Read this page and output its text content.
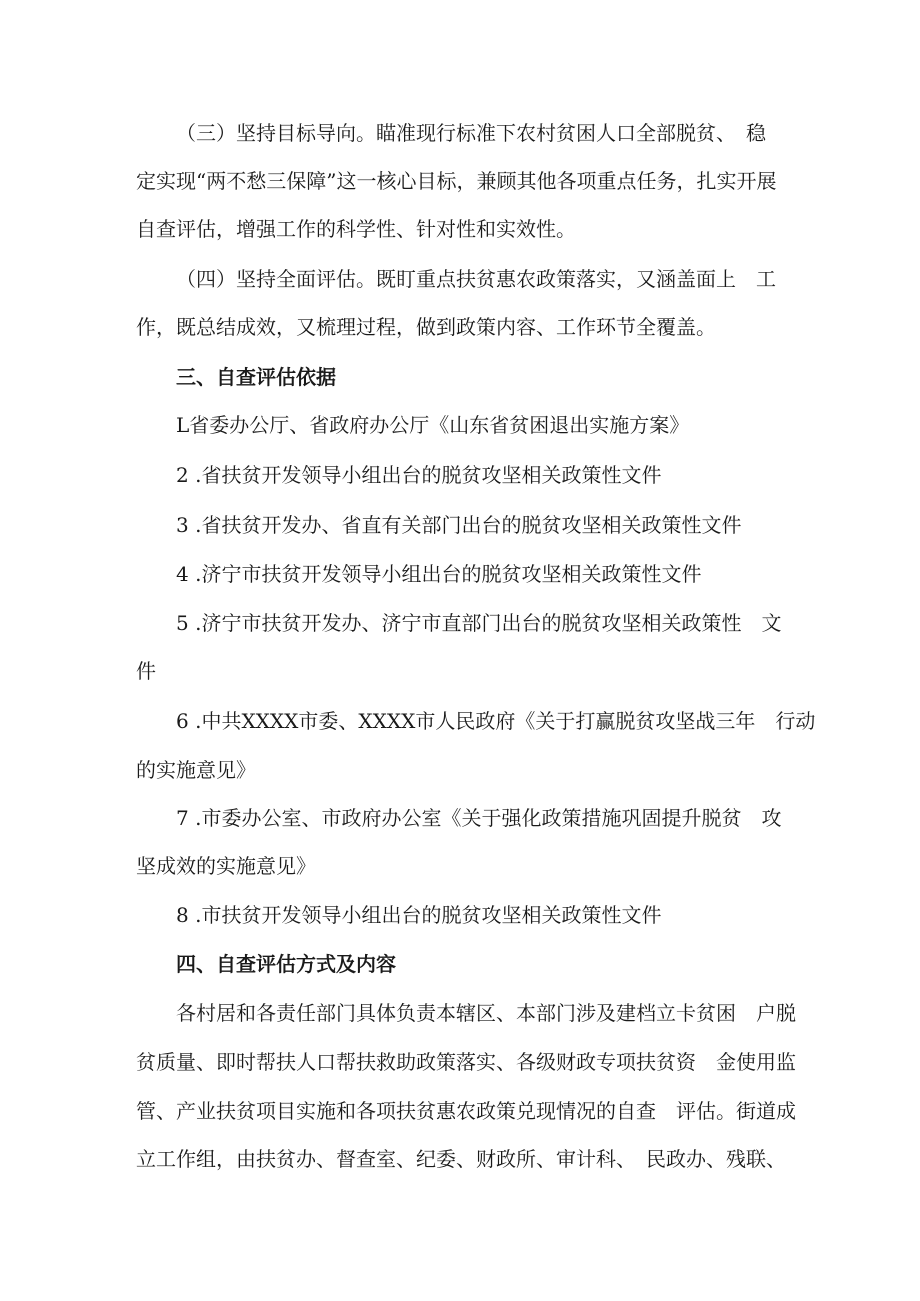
（三）坚持目标导向。瞄准现行标准下农村贫困人口全部脱贫、　稳
定实现“两不愁三保障”这一核心目标，兼顾其他各项重点任务，扎实开展
自查评估，增强工作的科学性、针对性和实效性。
（四）坚持全面评估。既盯重点扶贫惠农政策落实，又涵盖面上　工
作，既总结成效，又梳理过程，做到政策内容、工作环节全覆盖。
三、自查评估依据
L省委办公厅、省政府办公厅《山东省贫困退出实施方案》
2 .省扶贫开发领导小组出台的脱贫攻坚相关政策性文件
3 .省扶贫开发办、省直有关部门出台的脱贫攻坚相关政策性文件
4 .济宁市扶贫开发领导小组出台的脱贫攻坚相关政策性文件
5 .济宁市扶贫开发办、济宁市直部门出台的脱贫攻坚相关政策性　文
件
6 .中共XXXX市委、XXXX市人民政府《关于打赢脱贫攻坚战三年　行动
的实施意见》
7 .市委办公室、市政府办公室《关于强化政策措施巩固提升脱贫　攻
坚成效的实施意见》
8 .市扶贫开发领导小组出台的脱贫攻坚相关政策性文件
四、自查评估方式及内容
各村居和各责任部门具体负责本辖区、本部门涉及建档立卡贫困　户脱
贫质量、即时帮扶人口帮扶救助政策落实、各级财政专项扶贫资　金使用监
管、产业扶贫项目实施和各项扶贫惠农政策兑现情况的自查　评估。街道成
立工作组，由扶贫办、督查室、纪委、财政所、审计科、　民政办、残联、
